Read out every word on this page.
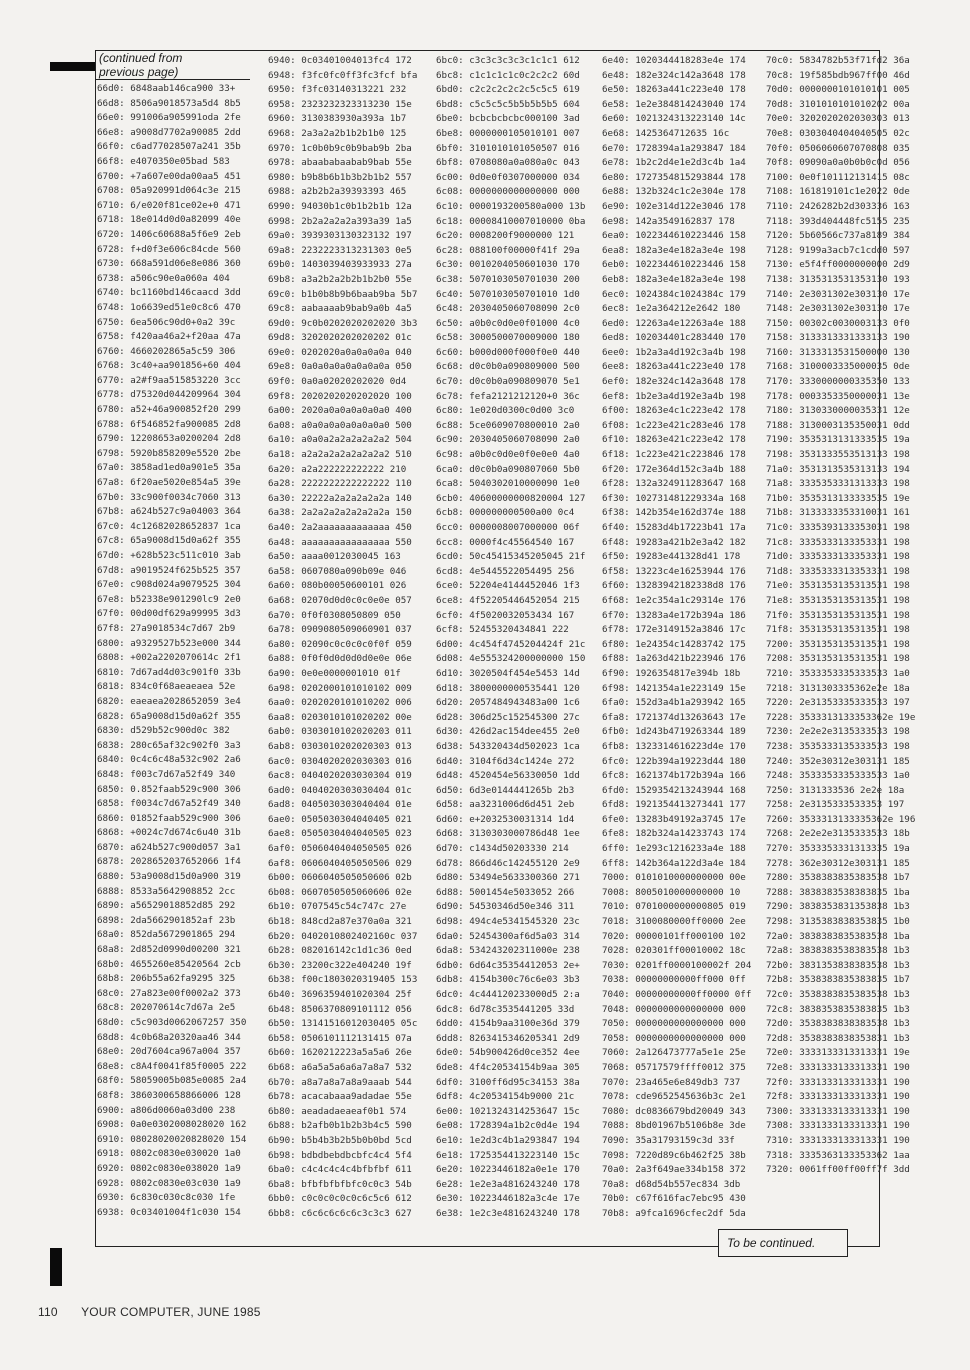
(continued from
previous page)
66d0: 6848aab146ca900 33+
66d8: 8506a9018573a5d4 8b5
66e0: 991006a905991oda 2fe
66e8: a9008d7702a90085 2dd
66f0: c6ad77028507a241 35b
66f8: e4070350e05bad 583
6700: +7a607e00da00aa5 451
6708: 05a920991d064c3e 215
6710: 6/e020f81ce02e+0 471
6718: 18e014d0d0a82099 40e
6720: 1406c60688a5f6e9 2eb
6728: f+d0f3e606c84cde 560
6730: 668a591d06e8e086 360
6738: a506c90e0a060a 404
6740: bc1160bd146caacd 3dd
6748: 1o6639ed51e0c8c6 470
6750: 6ea506c90d0+0a2 39c
6758: f420aa46a2+f20aa 47a
6760: 4660202865a5c59 306
6768: 3c40+aa901856+60 404
6770: a2#f9aa515853220 3cc
6778: d75320d044209964 304
6780: a52+46a900852f20 299
6788: 6f546852fa900085 2d8
6790: 12208653a0200204 2d8
6798: 5920b858209e5520 2be
67a0: 3858ad1ed0a901e5 35a
67a8: 6f20ae5020e854a5 39e
67b0: 33c900f0034c7060 313
67b8: a624b527c9a04003 364
67c0: 4c12682028652837 1ca
67c8: 65a9008d15d0a62f 355
67d0: +628b523c511c010 3ab
67d8: a9019524f625b525 357
67e0: c908d024a9079525 304
67e8: b52338e901290lc9 2e0
67f0: 00d00df629a99995 3d3
67f8: 27a9018534c7d67 2b9
6800: a9329527b523e000 344
6808: +002a2202070614c 2f1
6810: 7d67ad4d03c901f0 33b
6818: 834c0f68aeaeaea 52e
6820: eaeaea2028652059 3e4
6828: 65a9008d15d0a62f 355
6830: d529b52c900d0c 382
6838: 280c65af32c902f0 3a3
6840: 0c4c6c48a532c902 2a6
6848: f003c7d67a52f49 340
6850: 0.852faab529c900 306
6858: f0034c7d67a52f49 340
6860: 01852faab529c900 306
6868: +0024c7d674c6u40 31b
6870: a624b527c900d057 3a1
6878: 2028652037652066 1f4
6880: 53a9008d15d0a900 319
6888: 8533a5642908852 2cc
6890: a56529018852d85 292
6898: 2da5662901852af 23b
68a0: 852da5672901865 294
68a8: 2d852d0990d00200 321
68b0: 4655260e85420564 2cb
68b8: 206b55a62fa9295 325
68c0: 27a823e00f0002a2 373
68c8: 202070614c7d67a 2e5
68d0: c5c903d0062067257 350
68d8: 4c0b68a20320aa46 344
68e0: 20d7604ca967a004 357
68e8: c8A4f0041f85f0005 222
68f0: 58059005b085e0085 2a4
68f8: 3860300658866006 128
6900: a806d0060a03d00 238
6908: 0a0e0302008028020 162
6910: 08028020020828020 154
6918: 0802c0830e030020 1a0
6920: 0802c0830e038020 1a9
6928: 0802c0830e03c030 1a9
6930: 6c830c030c8c030 1fe
6938: 0c03401004f1c030 154
6940: 0c03401004013fc4 172
6948: f3fc0fc0ff3fc3fcf bfa
6950: f3fc03140313221 232
6958: 2323232323313230 15e
6960: 3130383930a393a 1b7
6968: 2a3a2a2b1b2b1b0 125
6970: 1c0b0b9c0b9bab9b 2ba
6978: abaababaabab9bab 55e
6980: b9b8b6b1b3b2b1b2 557
6988: a2b2b2a39393393 465
6990: 94030b1c0b1b2b1b 12a
6998: 2b2a2a2a2a393a39 1a5
69a0: 3939303130323132 197
69a8: 2232223313231303 0e5
69b0: 1403039403933933 27a
69b8: a3a2b2a2b2b1b2b0 55e
69c0: b1b0b8b9b6baab9ba 5b7
69c8: aabaaaab9bab9a0b 4a5
69d0: 9c0b0202020202020 3b3
69d8: 3202020202020202 01c
69e0: 0202020a0a0a0a0a 040
69e8: 0a0a0a0a0a0a0a0a 050
69f0: 0a0a02020202020 0d4
69f8: 2020202020202020 100
6a00: 2020a0a0a0a0a0a0 400
6a08: a0a0a0a0a0a0a0a0 500
6a10: a0a0a2a2a2a2a2a2 504
6a18: a2a2a2a2a2a2a2a2 510
6a20: a2a222222222222 210
6a28: 2222222222222222 110
6a30: 22222a2a2a2a2a2a 140
6a38: 2a2a2a2a2a2a2a2a 150
6a40: 2a2aaaaaaaaaaaaa 450
6a48: aaaaaaaaaaaaaaaa 550
6a50: aaaa0012030045 163
6a58: 0607080a090b09e 046
6a60: 080b00050600101 026
6a68: 02070d0d0c0c0e0e 057
6a70: 0f0f0308050809 050
6a78: 0909080509060901 037
6a80: 02090c0c0c0c0f0f 059
6a88: 0f0f0d0d0d0d0e0e 06e
6a90: 0e0e0000001010 01f
6a98: 0202000101010102 009
6aa0: 0202020101010202 006
6aa8: 0203010101020202 00e
6ab0: 0303010102020203 011
6ab8: 0303010202020303 013
6ac0: 0304020202030303 016
6ac8: 0404020203030304 019
6ad0: 0404020303030404 01c
6ad8: 0405030303040404 01e
6ae0: 0505030304040405 021
6ae8: 0505030404040505 023
6af0: 0506040404050505 026
6af8: 0606040405050506 029
6b00: 0606040505050606 02b
6b08: 0607050505060606 02e
6b10: 0707545c54c747c 27e
6b18: 848cd2a87e370a0a 321
6b20: 0402010802402160c 037
6b28: 082016142c1d1c36 0ed
6b30: 23200c322e404240 19f
6b38: f00c1803020319405 153
6b40: 3696359401020304 25f
6b48: 8506370809101112 056
6b50: 13141516012030405 05c
6b58: 0506101112131415 07a
6b60: 1620212223a5a5a6 26e
6b68: a6a5a5a6a6a7a8a7 532
6b70: a8a7a8a7a8a9aaab 544
6b78: acacabaaa9adadae 55e
6b80: aeadadaeaeaf0b1 574
6b88: b2afb0b1b2b3b4c5 590
6b90: b5b4b3b2b5b0b0bd 5cd
6b98: bdbdbebdbcbfc4c4 5f4
6ba0: c4c4c4c4c4bfbfbf 611
6ba8: bfbfbfbfbfc0c0c3 54b
6bb0: c0c0c0c0c0c6c5c6 612
6bb8: c6c6c6c6c6c3c3c3 627
6bc0: c3c3c3c3c3c1c1c1 612
6bc8: c1c1c1c1c0c2c2c2 60d
6bd0: c2c2c2c2c2c5c5c5 619
6bd8: c5c5c5c5b5b5b5b5 604
6be0: bcbcbcbcbc000100 3ad
6be8: 0000000105010101 007
6bf0: 3101010101050507 016
6bf8: 0708080a0a080a0c 043
6c00: 0d0e0f0307000000 034
6c08: 0000000000000000 000
6c10: 0000193200580a000 13b
6c18: 00008410007010000 0ba
6c20: 0008200f9000000 121
6c28: 088100f00000f41f 29a
6c30: 0010204050601030 170
6c38: 5070103050701030 200
6c40: 5070103050701010 1d0
6c48: 2030405060708090 2c0
6c50: a0b0c0d0e0f01000 4c0
6c58: 3000500070009000 180
6c60: b000d000f000f0e0 440
6c68: d0c0b0a090809000 500
6c70: d0c0b0a090809070 5e1
6c78: fefa2121212120+0 36c
6c80: 1e020d0300c0d00 3c0
6c88: 5ce0609070800010 2a0
6c90: 2030405060708090 2a0
6c98: a0b0c0d0e0f0e0e0 4a0
6ca0: d0c0b0a090807060 5b0
6ca8: 5040302010000090 1e0
6cb0: 40600000000820004 127
6cb8: 000000000500a00 0c4
6cc0: 0000008007000000 06f
6cc8: 0000f4c45564540 167
6cd0: 50c45415345205045 21f
6cd8: 4e5445522054495 256
6ce0: 52204e4144452046 1f3
6ce8: 4f52205446452054 215
6cf0: 4f5020032053434 167
6cf8: 52455320434841 222
6d00: 4c454f4745204424f 21c
6d08: 4e555324200000000 150
6d10: 3020504f454e5453 14d
6d18: 3800000000535441 120
6d20: 2057484943483a00 1c6
6d28: 306d25c152545300 27c
6d30: 426d2ac154dee455 2e0
6d38: 543320434d502023 1ca
6d40: 3104f6d34c1424e 272
6d48: 4520454e56330050 1dd
6d50: 6d3e0144441265b 2b3
6d58: aa3231006d6d451 2eb
6d60: e+2032530031314 1d4
6d68: 3130303000786d48 1ee
6d70: c1434d50203330 214
6d78: 866d46c142455120 2e9
6d80: 53494e5633300360 271
6d88: 5001454e5033052 266
6d90: 54530346d50e346 311
6d98: 494c4e5341545320 23c
6da0: 52454300af6d5a03 314
6da8: 534243202311000e 238
6db0: 6d64c35354412053 2e+
6db8: 4154b300c76c6e03 3b3
6dc0: 4c444120233000d5 2:a
6dc8: 6d78c3535441205 33d
6dd0: 4154b9aa3100e36d 379
6dd8: 8263415346205341 2d9
6de0: 54b900426d0ce352 4ee
6de8: 4f4c20534154b9aa 305
6df0: 3100ff6d95c34153 38a
6df8: 4c20534154b9000 21c
6e00: 1021324314253647 15c
6e08: 1728394a1b2c0d4e 194
6e10: 1e2d3c4b1a293847 194
6e18: 1725354413223140 15c
6e20: 10223446182a0e1e 170
6e28: 1e2e3a4816243240 178
6e30: 10223446182a3c4e 17e
6e38: 1e2c3e4816243240 178
6e40: 1020344418283e4e 174
6e48: 182e324c142a3648 178
6e50: 18263a441c223e40 178
6e58: 1e2e384814243040 174
6e60: 1021324313223140 14c
6e68: 1425364712635 16c
6e70: 1728394a1a293847 184
6e78: 1b2c2d4e1e2d3c4b 1a4
6e80: 1727354815293844 178
6e88: 132b324c1c2e304e 178
6e90: 102e314d122e3046 178
6e98: 142a3549162837 178
6ea0: 1022344610223446 158
6ea8: 182a3e4e182a3e4e 198
6eb0: 1022344610223446 158
6eb8: 182a3e4e182a3e4e 198
6ec0: 1024384c1024384c 179
6ec8: 1e2a364212e2642 180
6ed0: 12263a4e12263a4e 188
6ed8: 102034401c283440 170
6ee0: 1b2a3a4d192c3a4b 198
6ee8: 18263a441c223e40 178
6ef0: 182e324c142a3648 178
6ef8: 1b2e3a4d192e3a4b 198
6f00: 18263e4c1c223e42 178
6f08: 1c223e421c283e46 178
6f10: 18263e421c223e42 178
6f18: 1c223e421c223846 178
6f20: 172e364d152c3a4b 188
6f28: 132a324911283647 168
6f30: 102731481229334a 168
6f38: 142b354e162d374e 188
6f40: 15283d4b17223b41 17a
6f48: 19283a421b2e3a42 182
6f50: 19283e441328d41 178
6f58: 13223c4e16253944 176
6f60: 13283942182338d8 176
6f68: 1e2c354a1c29314e 176
6f70: 13283a4e172b394a 186
6f78: 172e3149152a3846 17c
6f80: 1e24354c14283742 175
6f88: 1a263d421b223946 176
6f90: 1926354817e394b 18b
6f98: 1421354a1e223149 15e
6fa0: 152d3a4b1a293942 165
6fa8: 1721374d13263643 17e
6fb0: 1d243b4719263344 189
6fb8: 1323314616223d4e 170
6fc0: 122b394a19223d44 180
6fc8: 1621374b172b394a 166
6fd0: 1529354213243944 168
6fd8: 1921354413273441 177
6fe0: 13283b49192a3745 17e
6fe8: 182b324a14233743 174
6ff0: 1e293c1216233a4e 188
6ff8: 142b364a122d3a4e 184
7000: 0101010000000000 00e
7008: 8005010000000000 10
7010: 0701000000000805 019
7018: 3100080000ff0000 2ee
7020: 00000101ff000100 102
7028: 020301ff00010002 18c
7030: 0201ff0000100002f 204
7038: 00000000000ff000 0ff
7040: 00000000000ff0000 0ff
7048: 0000000000000000 000
7050: 0000000000000000 000
7058: 0000000000000000 000
7060: 2a126473777a5e1e 25e
7068: 05717579ffff0012 375
7070: 23a465e6e849db3 737
7078: cde9652545636b3c 2e1
7080: dc0836679bd20049 343
7088: 8bd01967b5106b8e 3de
7090: 35a31793159c3d 33f
7098: 7220d89c6b462f25 38b
70a0: 2a3f649ae334b158 372
70a8: d68d54b557ec834 3db
70b0: c67f616fac7ebc95 430
70b8: a9fca1696cfec2df 5da
70c0: 5834782b53f71fd2 36a
70c8: 19f585bdb967ff00 46d
70d0: 0000000101010101 005
70d8: 3101010101010202 00a
70e0: 3202020202030303 013
70e8: 0303040404040505 02c
70f0: 0506060607070808 035
70f8: 09090a0a0b0b0c0d 056
7100: 0e0f101112131415 08c
7108: 161819101c1e2022 0de
7110: 2426282b2d303336 163
7118: 393d404448fc5155 235
7120: 5b60566c737a8189 384
7128: 9199a3acb7c1cdd0 597
7130: e5f4ff0000000000 2d9
7138: 3135313531353130 193
7140: 2e3031302e303130 17e
7148: 2e3031302e303130 17e
7150: 00302c0030003133 0f0
7158: 3133313331333133 190
7160: 3133313531500000 130
7168: 3100003335000035 0de
7170: 3330000000335350 133
7178: 0003353350000031 13e
7180: 3130330000035331 12e
7188: 3130003135350031 0dd
7190: 3535313131333535 19a
7198: 3531333553513133 198
71a0: 3531313535313133 194
71a8: 3335353331313333 198
71b0: 3535313133333535 19e
71b8: 3133333353310031 161
71c0: 3335393133353031 198
71c8: 3335333133353331 198
71d0: 3335333133353331 198
71d8: 3335333313353331 198
71e0: 3531353135313531 198
71e8: 3531353135313531 198
71f0: 3531353135313531 198
71f8: 3531353135313531 198
7200: 3531353135313531 198
7208: 3531353135313531 198
7210: 3533353335333533 1a0
7218: 3131303335362e2e 18a
7220: 2e31353335333533 197
7228: 3533313133353362e 19e
7230: 2e2e2e3135333533 198
7238: 3535333135333533 198
7240: 352e30312e303131 185
7248: 3533353335333533 1a0
7250: 3131333536 2e2e 18a
7258: 2e3135333533353 197
7260: 3533313133335362e 196
7268: 2e2e2e3135333533 18b
7270: 3533353331313335 19a
7278: 362e30312e303131 185
7280: 3538383835383538 1b7
7288: 3838383538383835 1ba
7290: 3838353831353838 1b3
7298: 3135383838353835 1b0
72a0: 3838383835383538 1ba
72a8: 3838383538383538 1b3
72b0: 3831353838383538 1b3
72b8: 3538383835383835 1b7
72c0: 3538383835383538 1b3
72c8: 3838353835383835 1b3
72d0: 3538383838383538 1b3
72d8: 3538383838353831 1b3
72e0: 3333133313313331 19e
72e8: 3331333133313331 190
72f0: 3331333133313331 190
72f8: 3331333133313331 190
7300: 3331333133313331 190
7308: 3331333133313331 190
7310: 3331333133313331 190
7318: 3335363133353362 1aa
7320: 0061ff00ff00ff7f 3dd
To be continued.
110 YOUR COMPUTER, JUNE 1985
